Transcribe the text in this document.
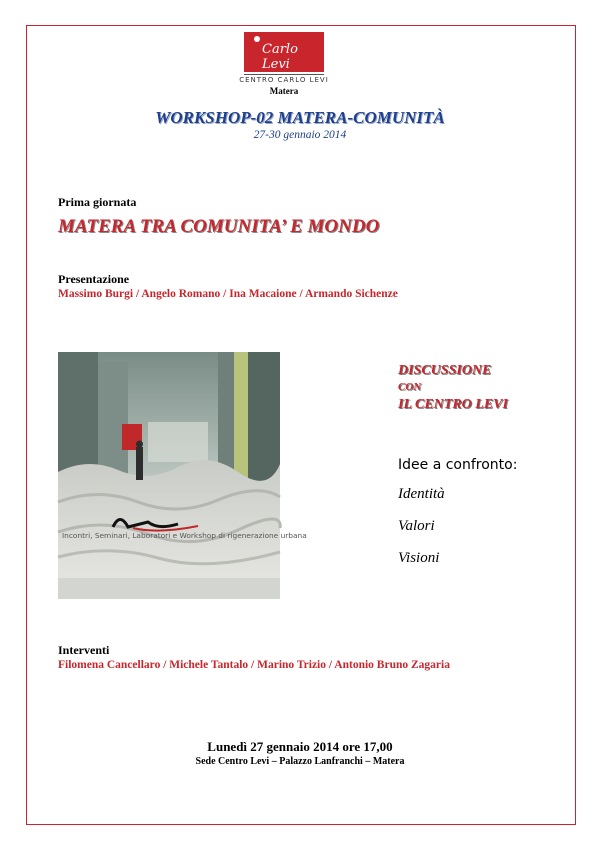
Carlo Levi
CENTRO CARLO LEVI
Matera
WORKSHOP-02 MATERA-COMUNITÀ
27-30 gennaio 2014
Prima giornata
MATERA TRA COMUNITA’ E MONDO
Presentazione
Massimo Burgi / Angelo Romano / Ina Macaione / Armando Sichenze
Incontri, Seminari, Laboratori e Workshop di rigenerazione urbana
DISCUSSIONE
CON
IL CENTRO LEVI
Idee a confronto:
Identità
Valori
Visioni
Interventi
Filomena Cancellaro / Michele Tantalo / Marino Trizio / Antonio Bruno Zagaria
Lunedì 27 gennaio 2014 ore 17,00
Sede Centro Levi – Palazzo Lanfranchi – Matera
